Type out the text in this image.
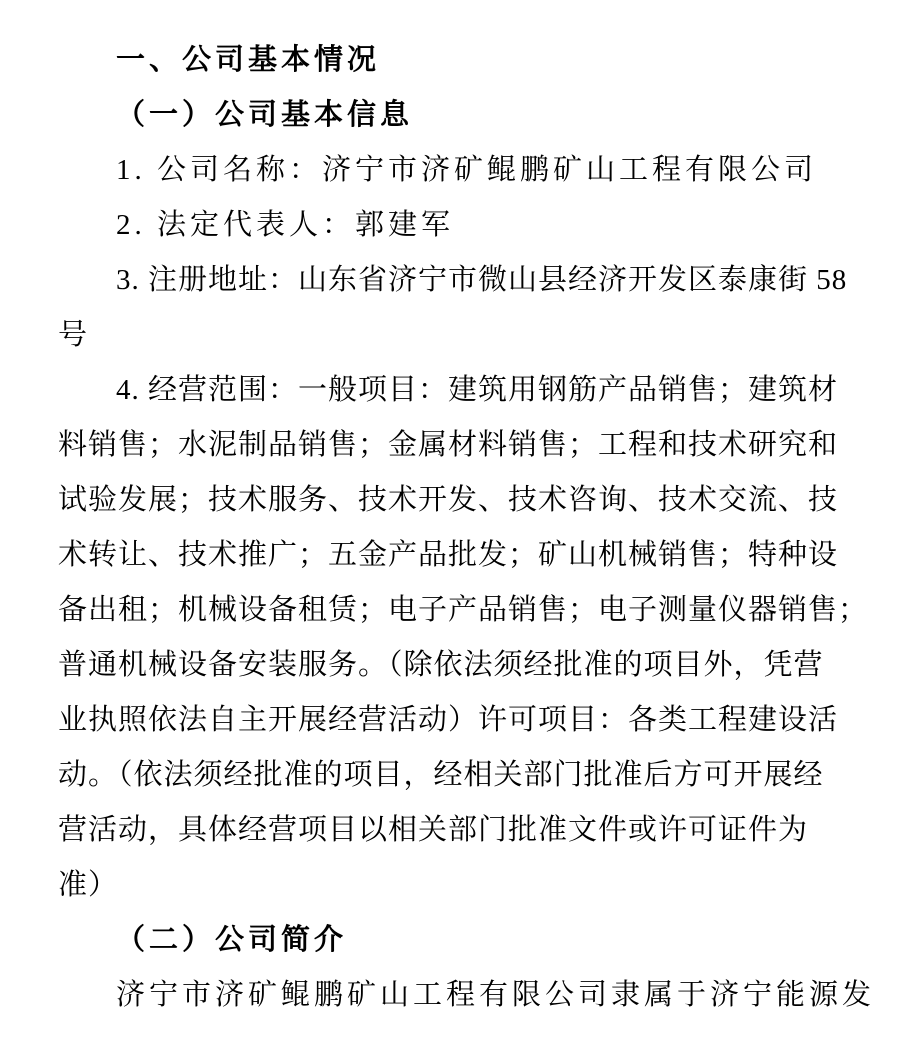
一、公司基本情况
（一）公司基本信息
1. 公司名称：济宁市济矿鲲鹏矿山工程有限公司
2. 法定代表人：郭建军
3. 注册地址：山东省济宁市微山县经济开发区泰康街 58
号
4. 经营范围：一般项目：建筑用钢筋产品销售；建筑材
料销售；水泥制品销售；金属材料销售；工程和技术研究和
试验发展；技术服务、技术开发、技术咨询、技术交流、技
术转让、技术推广；五金产品批发；矿山机械销售；特种设
备出租；机械设备租赁；电子产品销售；电子测量仪器销售；
普通机械设备安装服务。（除依法须经批准的项目外，凭营
业执照依法自主开展经营活动）许可项目：各类工程建设活
动。（依法须经批准的项目，经相关部门批准后方可开展经
营活动，具体经营项目以相关部门批准文件或许可证件为
准）
（二）公司简介
济宁市济矿鲲鹏矿山工程有限公司隶属于济宁能源发
